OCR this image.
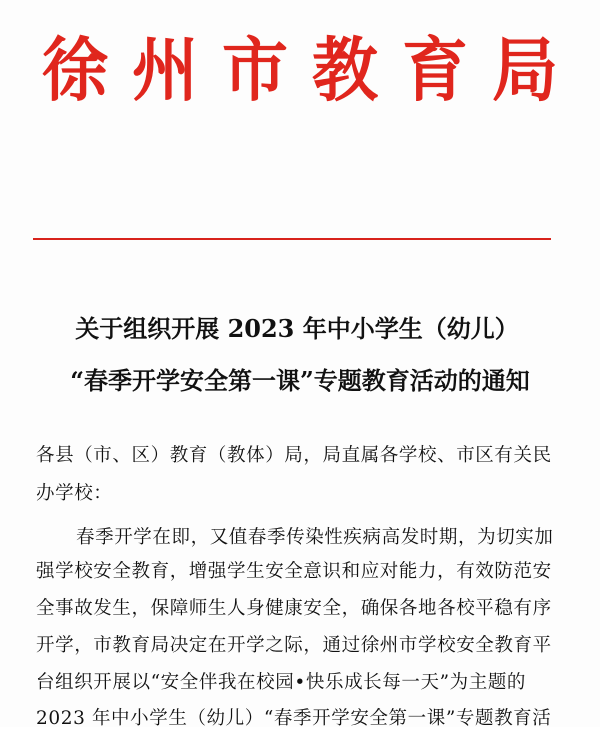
徐 州 市 教 育 局
关于组织开展 2023 年中小学生（幼儿）
“春季开学安全第一课”专题教育活动的通知
各县（市、区）教育（教体）局，局直属各学校、市区有关民
办学校：
春季开学在即，又值春季传染性疾病高发时期，为切实加
强学校安全教育，增强学生安全意识和应对能力，有效防范安
全事故发生，保障师生人身健康安全，确保各地各校平稳有序
开学，市教育局决定在开学之际，通过徐州市学校安全教育平
台组织开展以“安全伴我在校园•快乐成长每一天”为主题的
2023 年中小学生（幼儿）“春季开学安全第一课”专题教育活
